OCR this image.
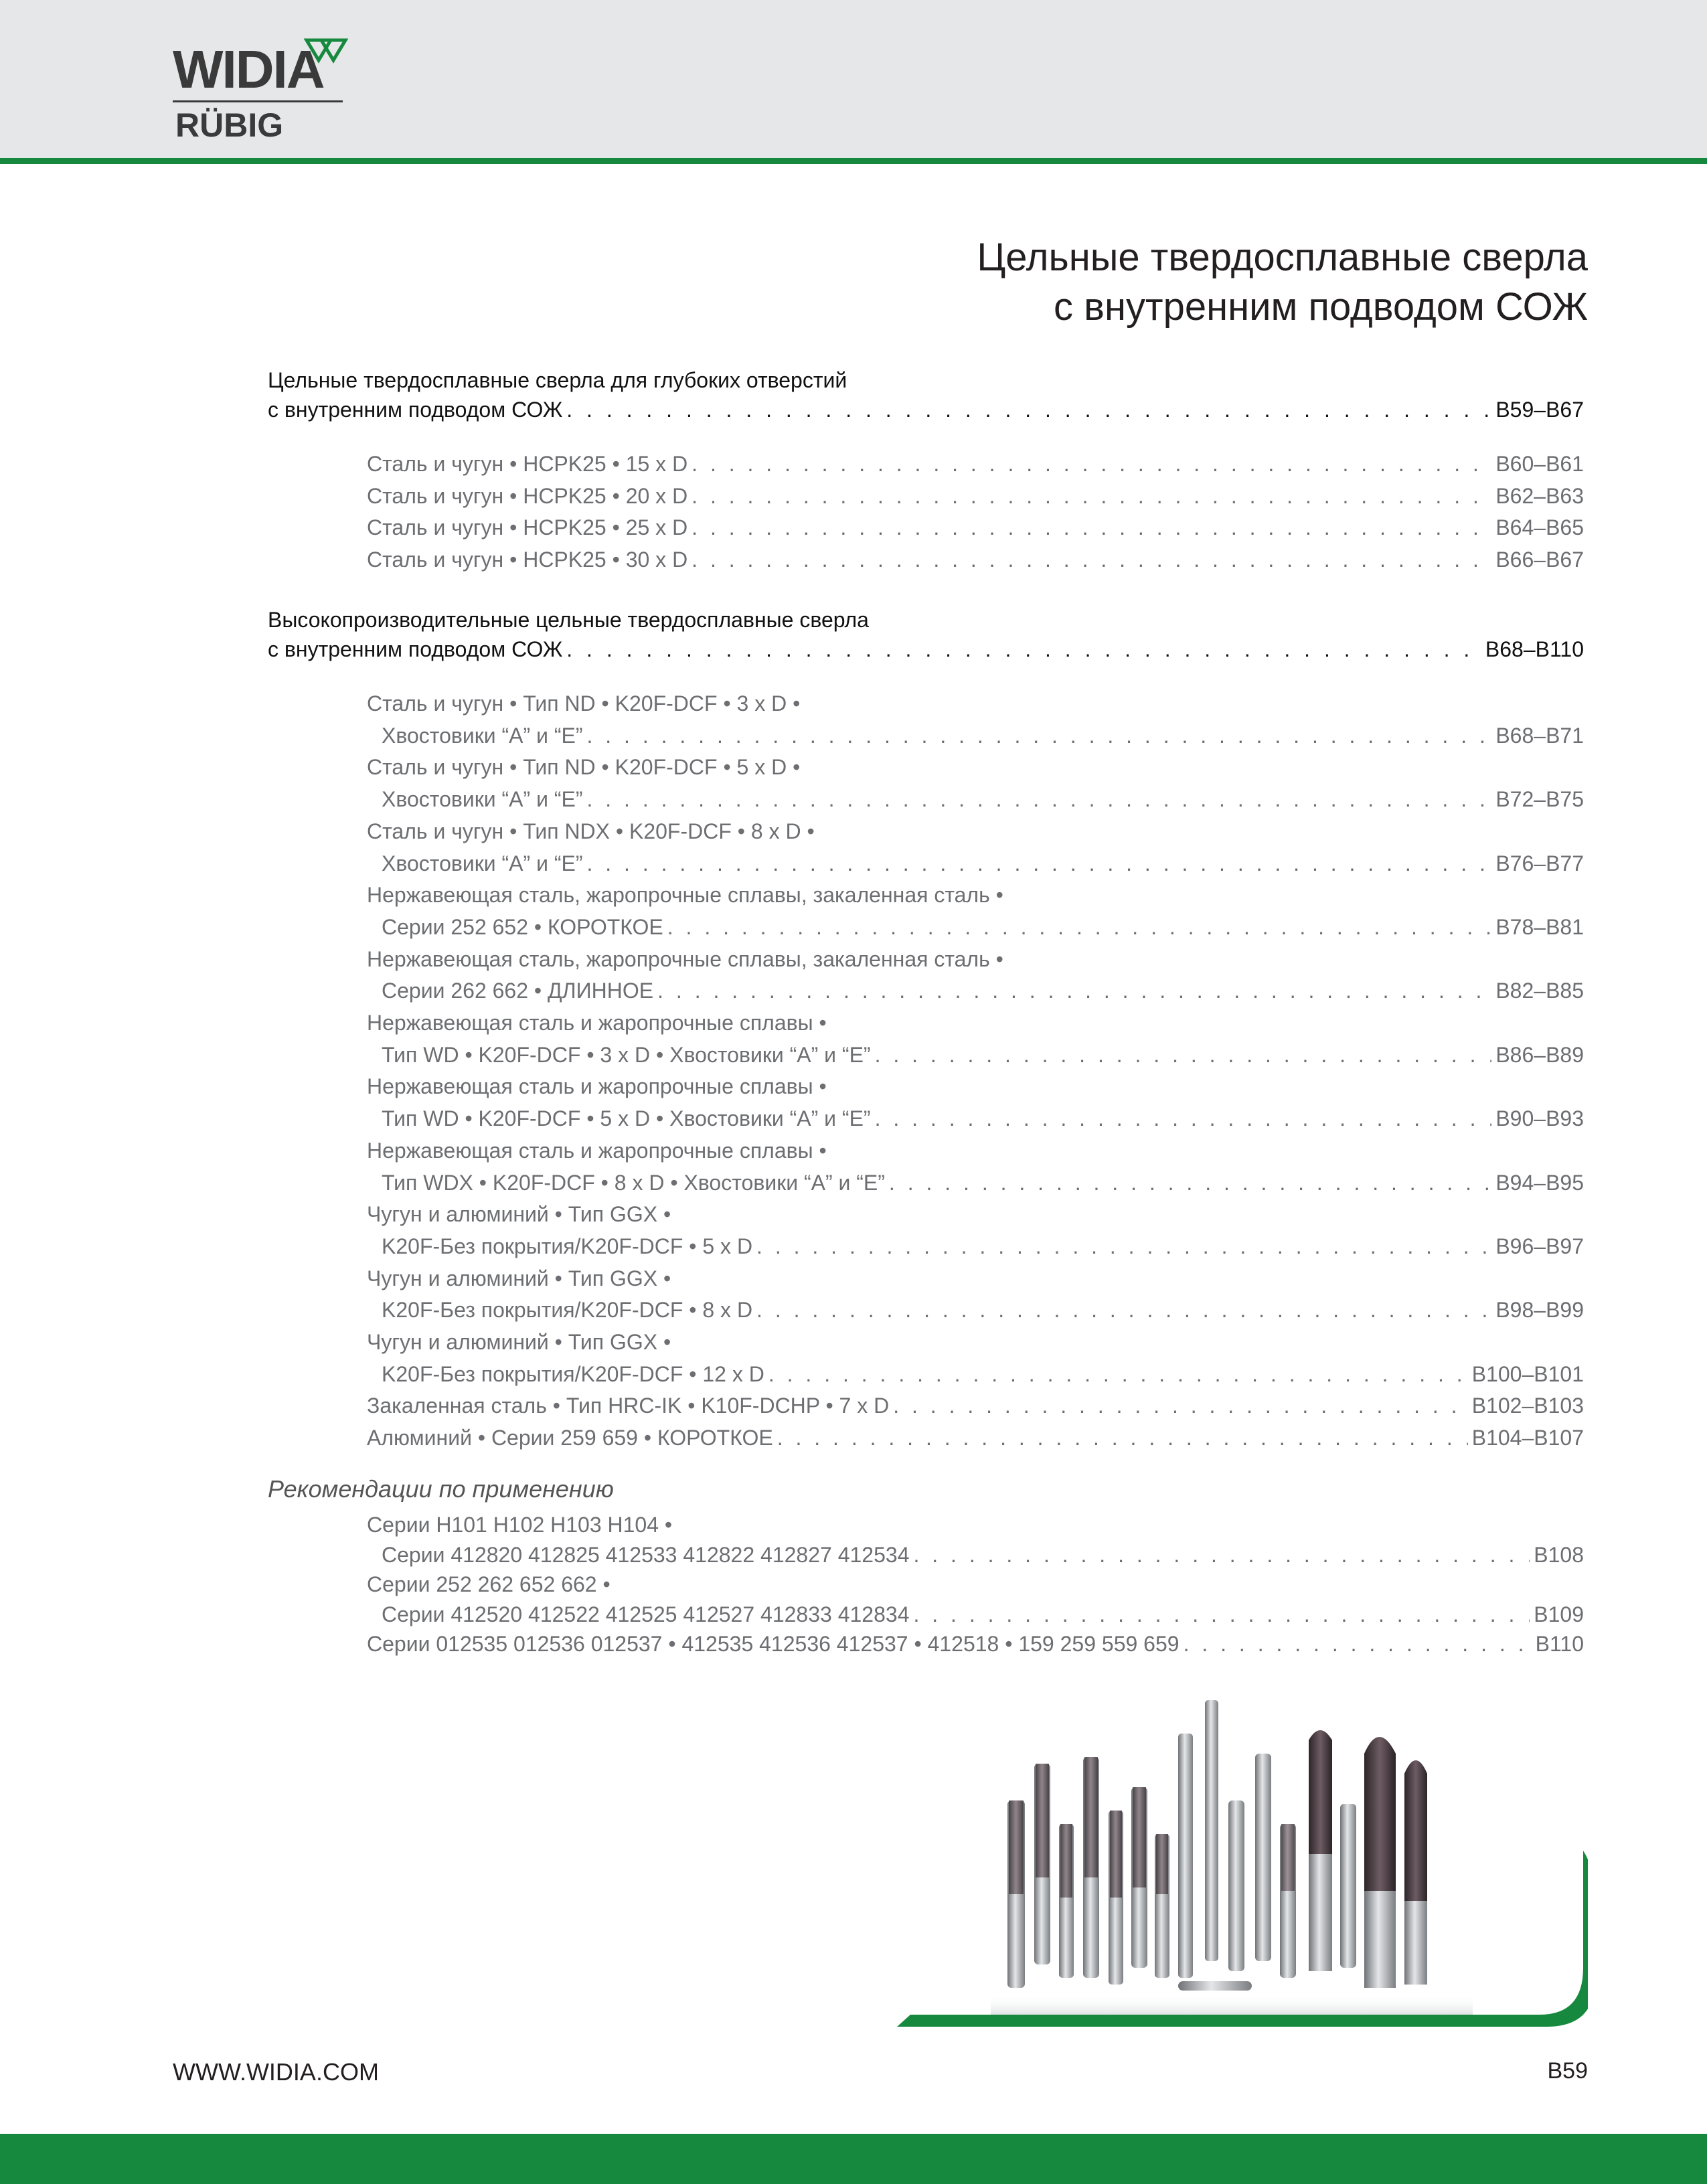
WIDIA
RÜBIG
Цельные твердосплавные сверла
с внутренним подводом СОЖ
Цельные твердосплавные сверла для глубоких отверстий
с внутренним подводом СОЖ . . .	B59–B67
Сталь и чугун • HCPK25 • 15 x D . . .	B60–B61
Сталь и чугун • HCPK25 • 20 x D . . .	B62–B63
Сталь и чугун • HCPK25 • 25 x D . . .	B64–B65
Сталь и чугун • HCPK25 • 30 x D . . .	B66–B67
Высокопроизводительные цельные твердосплавные сверла
с внутренним подводом СОЖ . . .	B68–B110
Сталь и чугун • Тип ND • K20F-DCF • 3 x D •
Хвостовики “A” и “E” . . .	B68–B71
Сталь и чугун • Тип ND • K20F-DCF • 5 x D •
Хвостовики “A” и “E” . . .	B72–B75
Сталь и чугун • Тип NDX • K20F-DCF • 8 x D •
Хвостовики “A” и “E” . . .	B76–B77
Нержавеющая сталь, жаропрочные сплавы, закаленная сталь •
Серии 252 652 • КОРОТКОЕ . . .	B78–B81
Нержавеющая сталь, жаропрочные сплавы, закаленная сталь •
Серии 262 662 • ДЛИННОЕ . . .	B82–B85
Нержавеющая сталь и жаропрочные сплавы •
Тип WD • K20F-DCF • 3 x D • Хвостовики “A” и “E” . . .	B86–B89
Нержавеющая сталь и жаропрочные сплавы •
Тип WD • K20F-DCF • 5 x D • Хвостовики “A” и “E” . . .	B90–B93
Нержавеющая сталь и жаропрочные сплавы •
Тип WDX • K20F-DCF • 8 x D • Хвостовики “A” и “E” . . .	B94–B95
Чугун и алюминий • Тип GGX •
K20F-Без покрытия/K20F-DCF • 5 x D . . .	B96–B97
Чугун и алюминий • Тип GGX •
K20F-Без покрытия/K20F-DCF • 8 x D . . .	B98–B99
Чугун и алюминий • Тип GGX •
K20F-Без покрытия/K20F-DCF • 12 x D . . .	B100–B101
Закаленная сталь • Тип HRC-IK • K10F-DCHP • 7 x D . . .	B102–B103
Алюминий • Серии 259 659 • КОРОТКОЕ . . .	B104–B107
Рекомендации по применению
Серии H101 H102 H103 H104 •
Серии 412820 412825 412533 412822 412827 412534 . . .	B108
Серии 252 262 652 662 •
Серии 412520 412522 412525 412527 412833 412834 . . .	B109
Серии 012535 012536 012537 • 412535 412536 412537 • 412518 • 159 259 559 659 . . .	B110
WWW.WIDIA.COM	B59
